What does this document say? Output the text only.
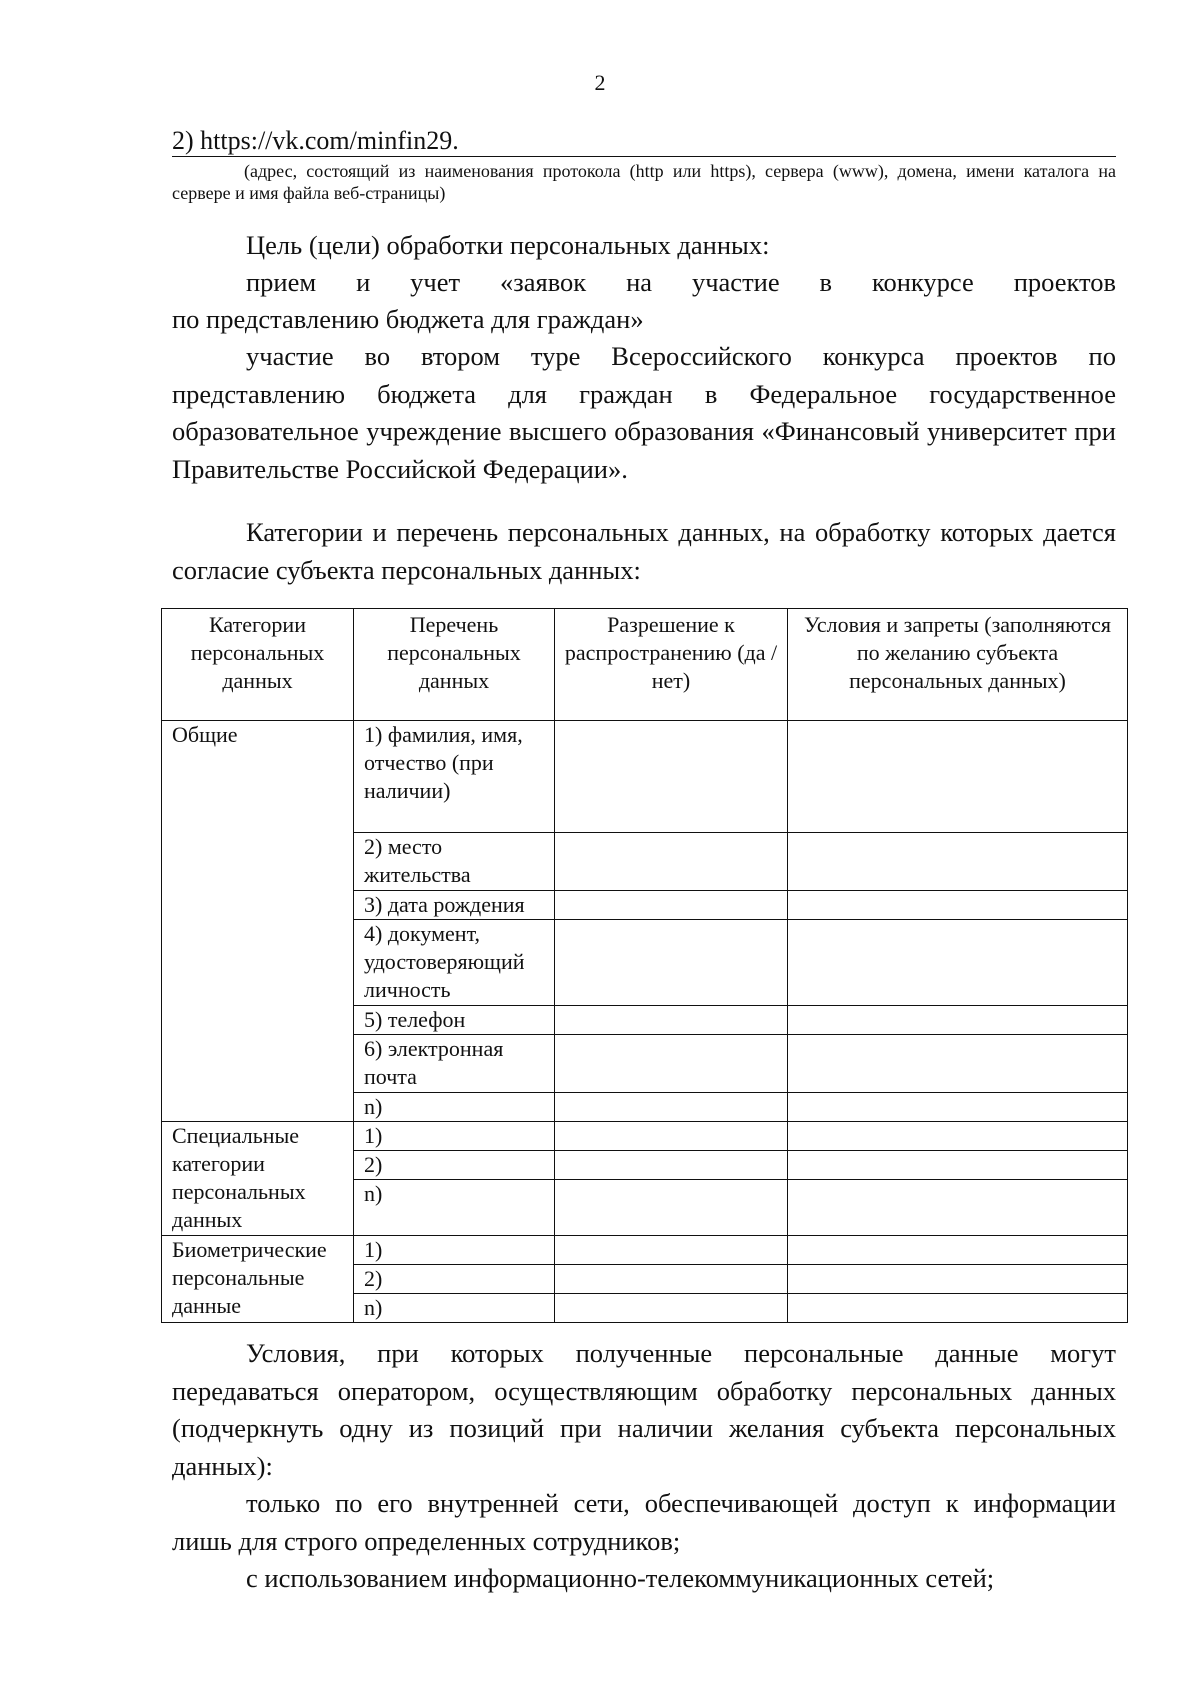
2
2) https://vk.com/minfin29.
(адрес, состоящий из наименования протокола (http или https), сервера (www), домена, имени каталога на сервере и имя файла веб-страницы)

Цель (цели) обработки персональных данных:

прием и учет «заявок на участие в конкурсе проектов

по представлению бюджета для граждан»

участие во втором туре Всероссийского конкурса проектов по представлению бюджета для граждан в Федеральное государственное образовательное учреждение высшего образования «Финансовый университет при Правительстве Российской Федерации».

Категории и перечень персональных данных, на обработку которых дается согласие субъекта персональных данных:

Категории персональных данных	Перечень персональных данных	Разрешение к распространению (да / нет)	Условия и запреты (заполняются по желанию субъекта персональных данных)
Общие	1) фамилия, имя, отчество (при наличии)		
	2) место жительства		
	3) дата рождения		
	4) документ, удостоверяющий личность		
	5) телефон		
	6) электронная почта		
	n)		
Специальные категории персональных данных	1)		
	2)		
	n)		
Биометрические персональные данные	1)		
	2)		
	n)		

Условия, при которых полученные персональные данные могут передаваться оператором, осуществляющим обработку персональных данных (подчеркнуть одну из позиций при наличии желания субъекта персональных данных):

только по его внутренней сети, обеспечивающей доступ к информации лишь для строго определенных сотрудников;

с использованием информационно-телекоммуникационных сетей;
